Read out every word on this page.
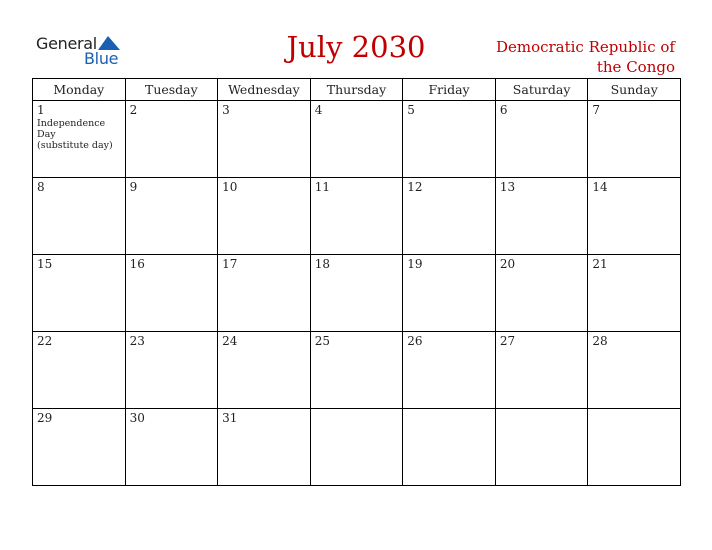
General
Blue	July 2030	Democratic Republic of
the Congo
Monday	Tuesday	Wednesday	Thursday	Friday	Saturday	Sunday

1
Independence Day
(substitute day)	2	3	4	5	6	7

8	9	10	11	12	13	14

15	16	17	18	19	20	21

22	23	24	25	26	27	28

29	30	31				
